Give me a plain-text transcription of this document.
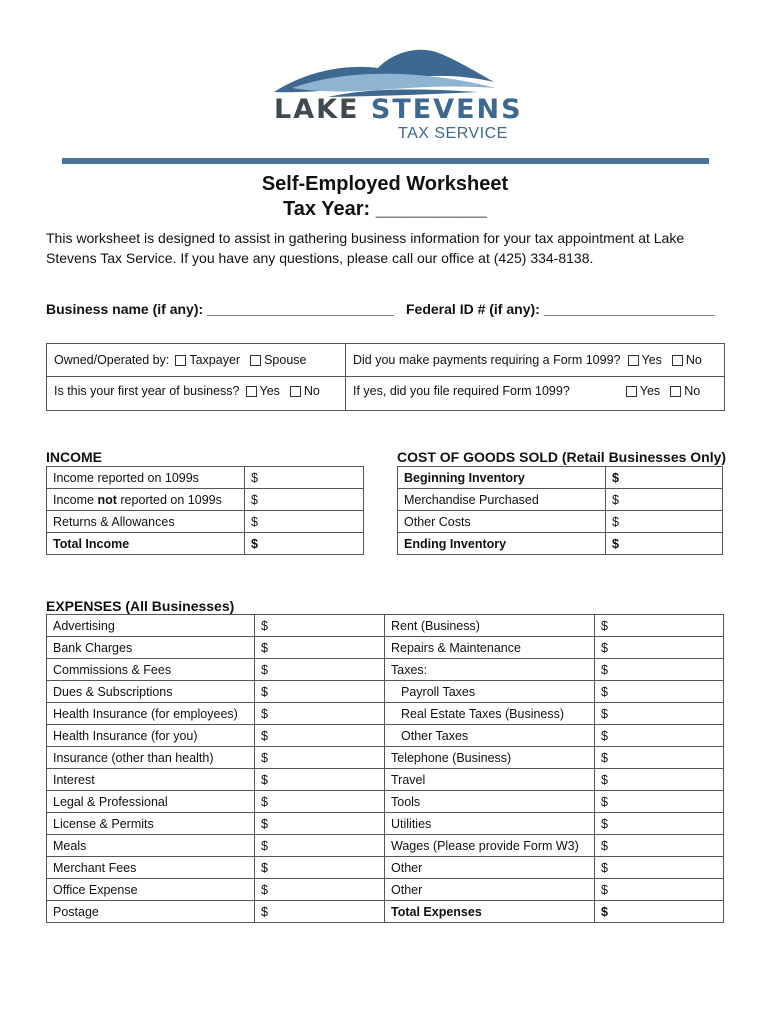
LAKE STEVENS
TAX SERVICE
Self-Employed Worksheet
Tax Year: __________
This worksheet is designed to assist in gathering business information for your tax appointment at Lake Stevens Tax Service. If you have any questions, please call our office at (425) 334-8138.
Business name (if any): ________________________ Federal ID # (if any): ______________________
Owned/Operated by: Taxpayer Spouse	Did you make payments requiring a Form 1099? Yes No
Is this your first year of business? Yes No	If yes, did you file required Form 1099?	Yes No
INCOME
Income reported on 1099s	$
Income not reported on 1099s	$
Returns & Allowances	$
Total Income	$
COST OF GOODS SOLD (Retail Businesses Only)
Beginning Inventory	$
Merchandise Purchased	$
Other Costs	$
Ending Inventory	$
EXPENSES (All Businesses)
Advertising	$	Rent (Business)	$
Bank Charges	$	Repairs & Maintenance	$
Commissions & Fees	$	Taxes:	$
Dues & Subscriptions	$	Payroll Taxes	$
Health Insurance (for employees)	$	Real Estate Taxes (Business)	$
Health Insurance (for you)	$	Other Taxes	$
Insurance (other than health)	$	Telephone (Business)	$
Interest	$	Travel	$
Legal & Professional	$	Tools	$
License & Permits	$	Utilities	$
Meals	$	Wages (Please provide Form W3)	$
Merchant Fees	$	Other	$
Office Expense	$	Other	$
Postage	$	Total Expenses	$
